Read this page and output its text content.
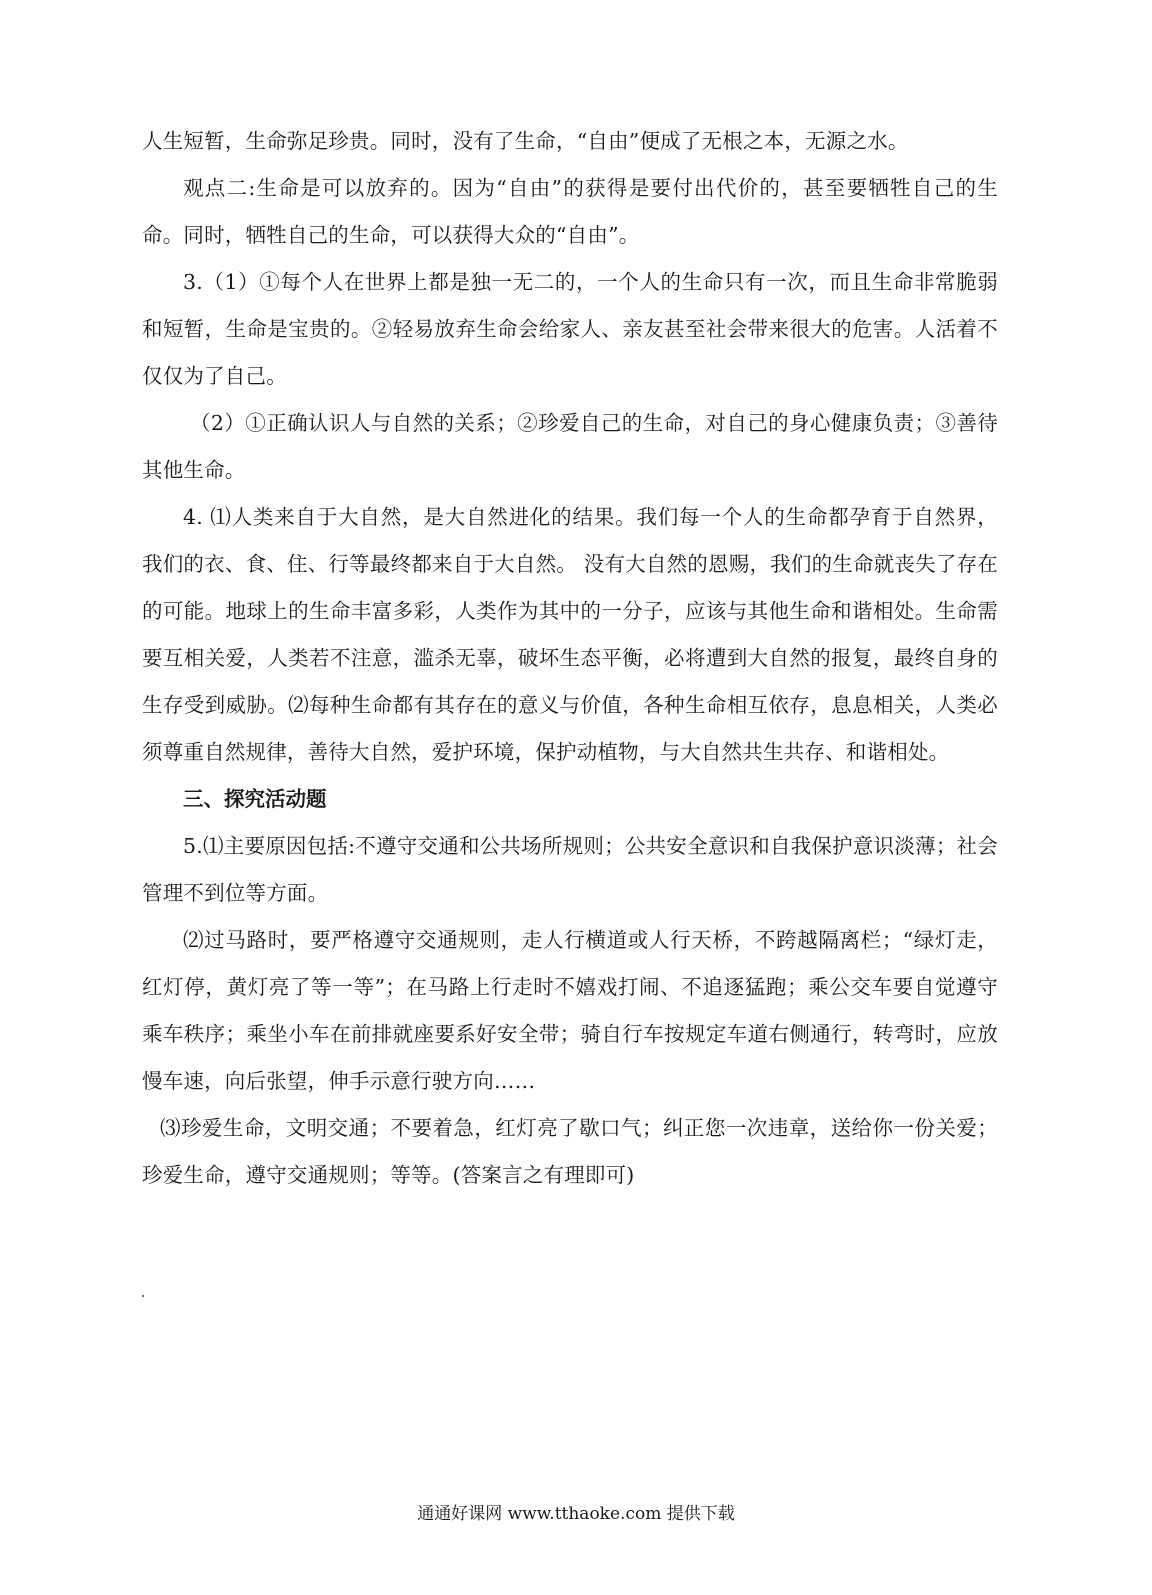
人生短暂，生命弥足珍贵。同时，没有了生命，“自由”便成了无根之本，无源之水。

观点二:生命是可以放弃的。因为“自由”的获得是要付出代价的，甚至要牺牲自己的生命。同时，牺牲自己的生命，可以获得大众的“自由”。

3.（1）①每个人在世界上都是独一无二的，一个人的生命只有一次，而且生命非常脆弱和短暂，生命是宝贵的。②轻易放弃生命会给家人、亲友甚至社会带来很大的危害。人活着不仅仅为了自己。

（2）①正确认识人与自然的关系；②珍爱自己的生命，对自己的身心健康负责；③善待其他生命。

4. ⑴人类来自于大自然，是大自然进化的结果。我们每一个人的生命都孕育于自然界， 我们的衣、食、住、行等最终都来自于大自然。 没有大自然的恩赐，我们的生命就丧失了存在的可能。地球上的生命丰富多彩，人类作为其中的一分子，应该与其他生命和谐相处。生命需要互相关爱，人类若不注意，滥杀无辜，破坏生态平衡，必将遭到大自然的报复，最终自身的生存受到威胁。⑵每种生命都有其存在的意义与价值，各种生命相互依存，息息相关，人类必须尊重自然规律，善待大自然，爱护环境，保护动植物，与大自然共生共存、和谐相处。

三、探究活动题

5.⑴主要原因包括:不遵守交通和公共场所规则；公共安全意识和自我保护意识淡薄；社会管理不到位等方面。

⑵过马路时，要严格遵守交通规则，走人行横道或人行天桥，不跨越隔离栏；“绿灯走，红灯停，黄灯亮了等一等”；在马路上行走时不嬉戏打闹、不追逐猛跑；乘公交车要自觉遵守乘车秩序；乘坐小车在前排就座要系好安全带；骑自行车按规定车道右侧通行，转弯时，应放慢车速，向后张望，伸手示意行驶方向……

⑶珍爱生命，文明交通；不要着急，红灯亮了歇口气；纠正您一次违章，送给你一份关爱；珍爱生命，遵守交通规则；等等。(答案言之有理即可)

通通好课网 www.tthaoke.com 提供下载
